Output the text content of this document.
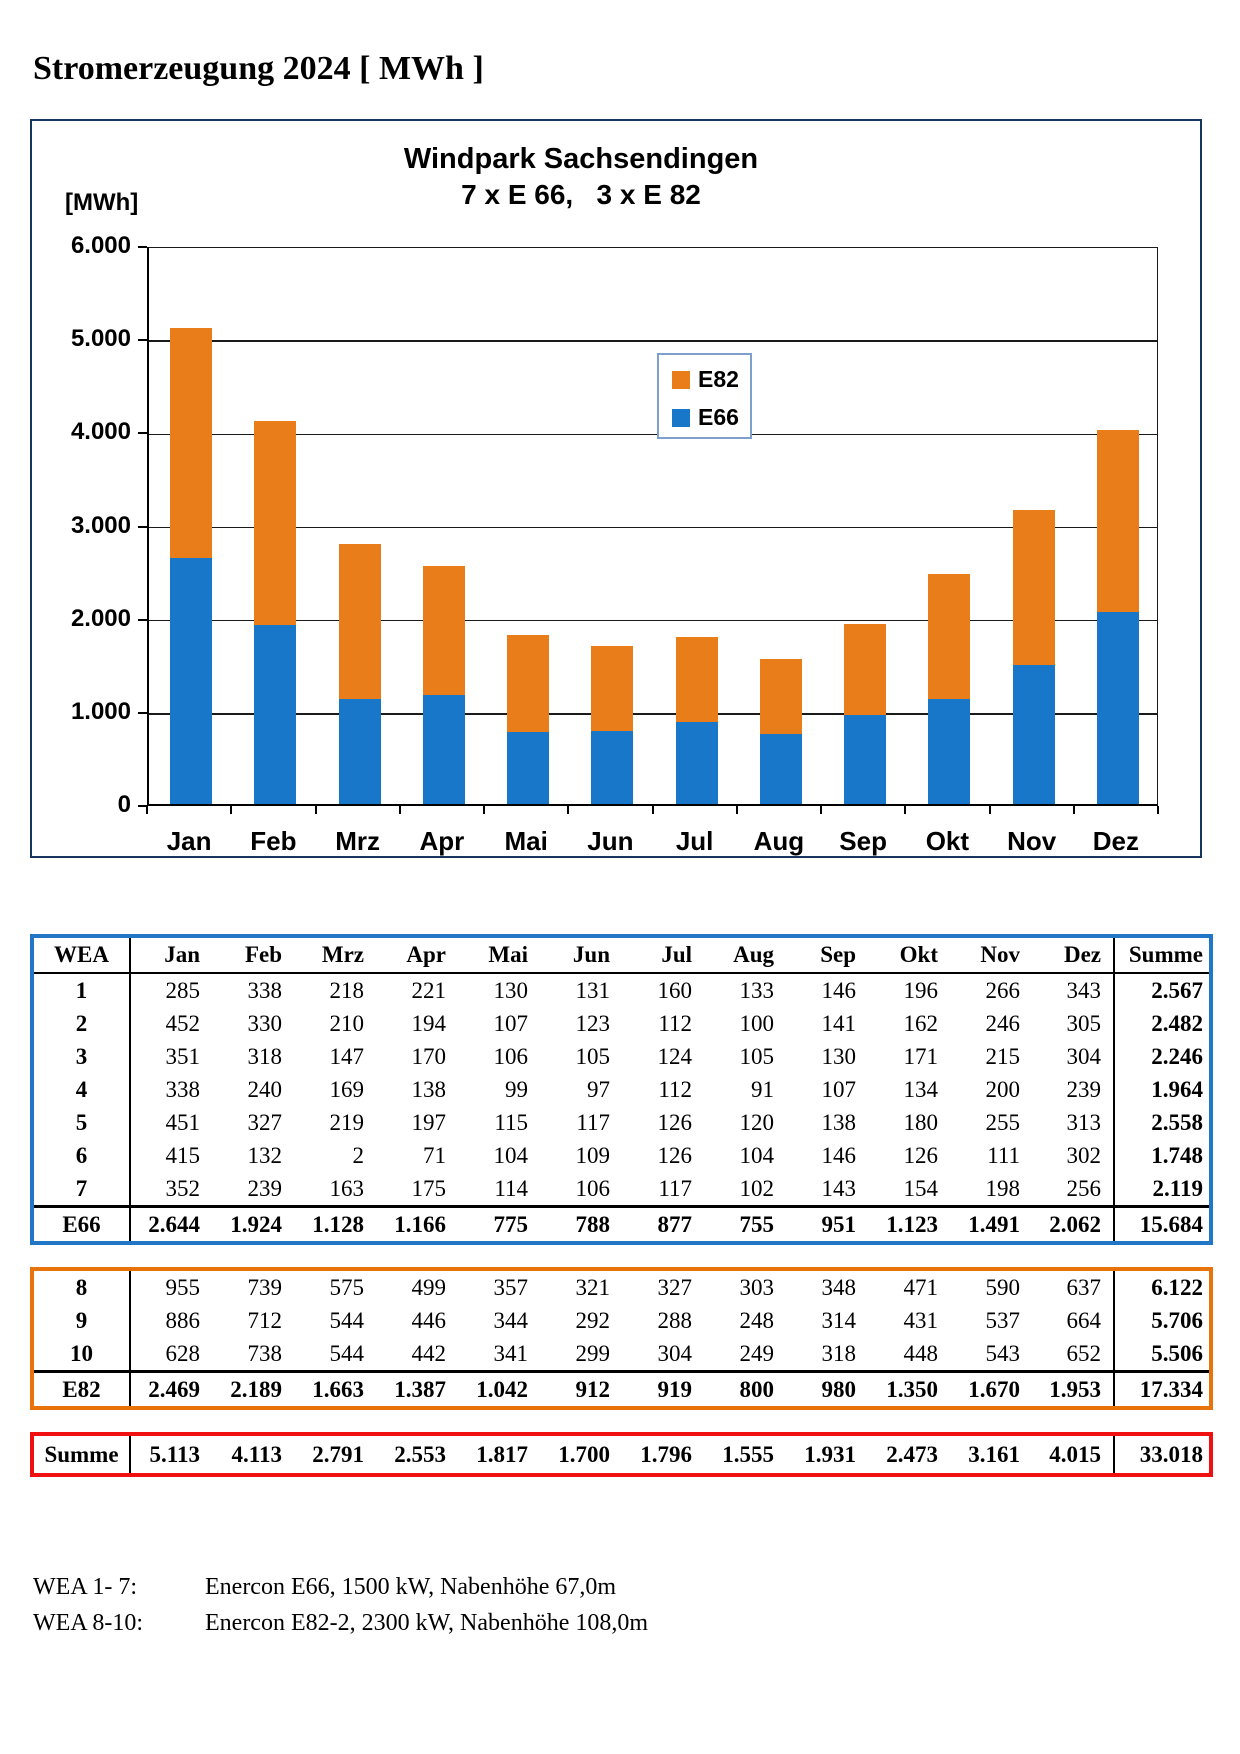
Stromerzeugung 2024 [ MWh ]
Windpark Sachsendingen
7 x E 66,   3 x E 82
[MWh]
6.000
5.000
4.000
3.000
2.000
1.000
0
Jan	Feb	Mrz	Apr	Mai	Jun	Jul	Aug	Sep	Okt	Nov	Dez
E82
E66
WEA 1- 7:	Enercon E66, 1500 kW, Nabenhöhe 67,0m
WEA 8-10:	Enercon E82-2, 2300 kW, Nabenhöhe 108,0m
WEA	Jan	Feb	Mrz	Apr	Mai	Jun	Jul	Aug	Sep	Okt	Nov	Dez	Summe
1	285	338	218	221	130	131	160	133	146	196	266	343	2.567
2	452	330	210	194	107	123	112	100	141	162	246	305	2.482
3	351	318	147	170	106	105	124	105	130	171	215	304	2.246
4	338	240	169	138	99	97	112	91	107	134	200	239	1.964
5	451	327	219	197	115	117	126	120	138	180	255	313	2.558
6	415	132	2	71	104	109	126	104	146	126	111	302	1.748
7	352	239	163	175	114	106	117	102	143	154	198	256	2.119
E66	2.644	1.924	1.128	1.166	775	788	877	755	951	1.123	1.491	2.062	15.684
8	955	739	575	499	357	321	327	303	348	471	590	637	6.122
9	886	712	544	446	344	292	288	248	314	431	537	664	5.706
10	628	738	544	442	341	299	304	249	318	448	543	652	5.506
E82	2.469	2.189	1.663	1.387	1.042	912	919	800	980	1.350	1.670	1.953	17.334
Summe	5.113	4.113	2.791	2.553	1.817	1.700	1.796	1.555	1.931	2.473	3.161	4.015	33.018
